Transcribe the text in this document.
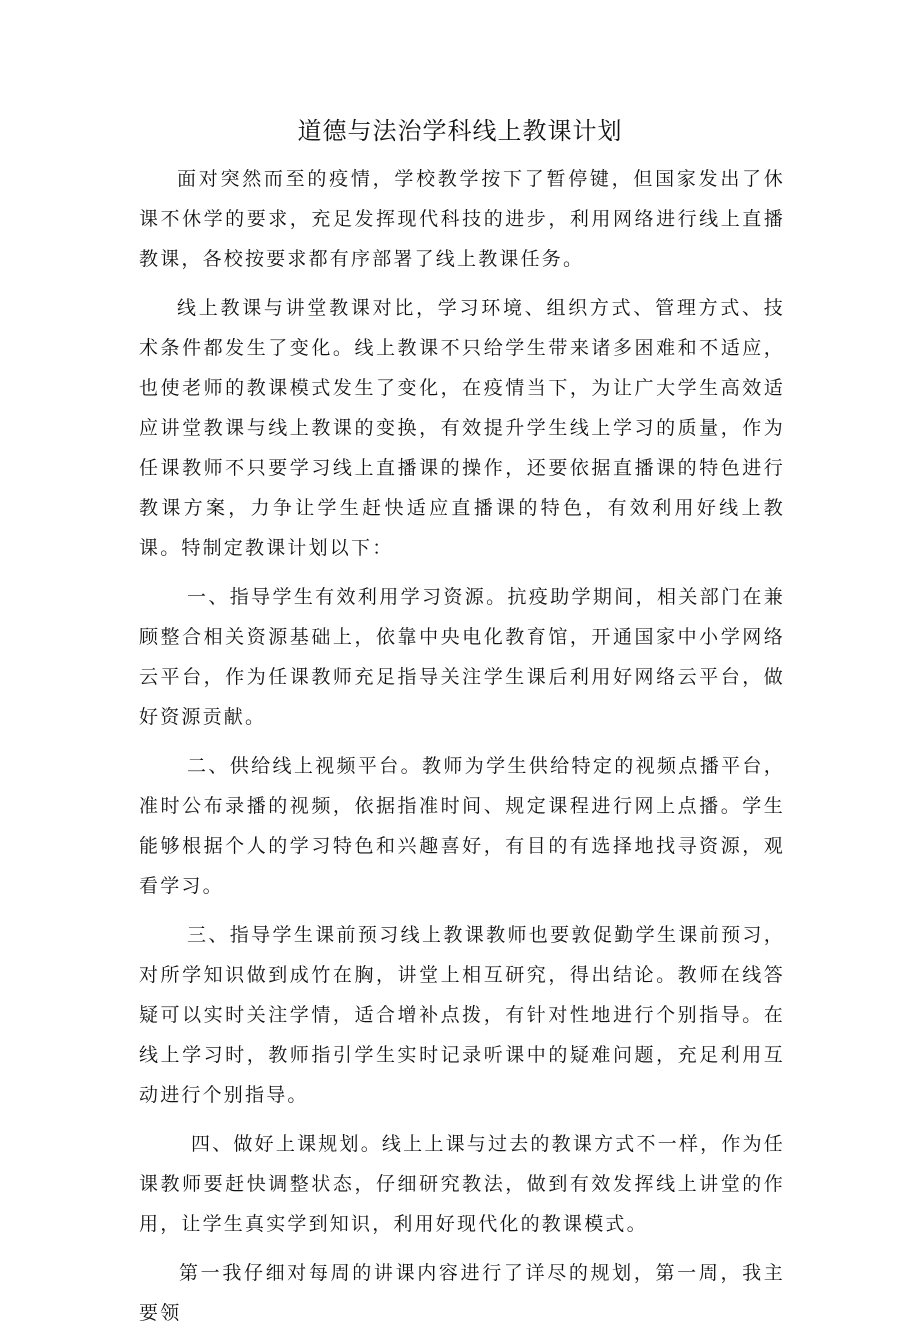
道德与法治学科线上教课计划

面对突然而至的疫情，学校教学按下了暂停键，但国家发出了休课不休学的要求，充足发挥现代科技的进步，利用网络进行线上直播教课，各校按要求都有序部署了线上教课任务。

线上教课与讲堂教课对比，学习环境、组织方式、管理方式、技术条件都发生了变化。线上教课不只给学生带来诸多困难和不适应，也使老师的教课模式发生了变化，在疫情当下，为让广大学生高效适应讲堂教课与线上教课的变换，有效提升学生线上学习的质量，作为任课教师不只要学习线上直播课的操作，还要依据直播课的特色进行教课方案，力争让学生赶快适应直播课的特色，有效利用好线上教课。特制定教课计划以下：

一、指导学生有效利用学习资源。抗疫助学期间，相关部门在兼顾整合相关资源基础上，依靠中央电化教育馆，开通国家中小学网络云平台，作为任课教师充足指导关注学生课后利用好网络云平台，做好资源贡献。

二、供给线上视频平台。教师为学生供给特定的视频点播平台，准时公布录播的视频，依据指准时间、规定课程进行网上点播。学生能够根据个人的学习特色和兴趣喜好，有目的有选择地找寻资源，观看学习。

三、指导学生课前预习线上教课教师也要敦促勤学生课前预习，对所学知识做到成竹在胸，讲堂上相互研究，得出结论。教师在线答疑可以实时关注学情，适合增补点拨，有针对性地进行个别指导。在线上学习时，教师指引学生实时记录听课中的疑难问题，充足利用互动进行个别指导。

四、做好上课规划。线上上课与过去的教课方式不一样，作为任课教师要赶快调整状态，仔细研究教法，做到有效发挥线上讲堂的作用，让学生真实学到知识，利用好现代化的教课模式。

第一我仔细对每周的讲课内容进行了详尽的规划，第一周，我主要领
